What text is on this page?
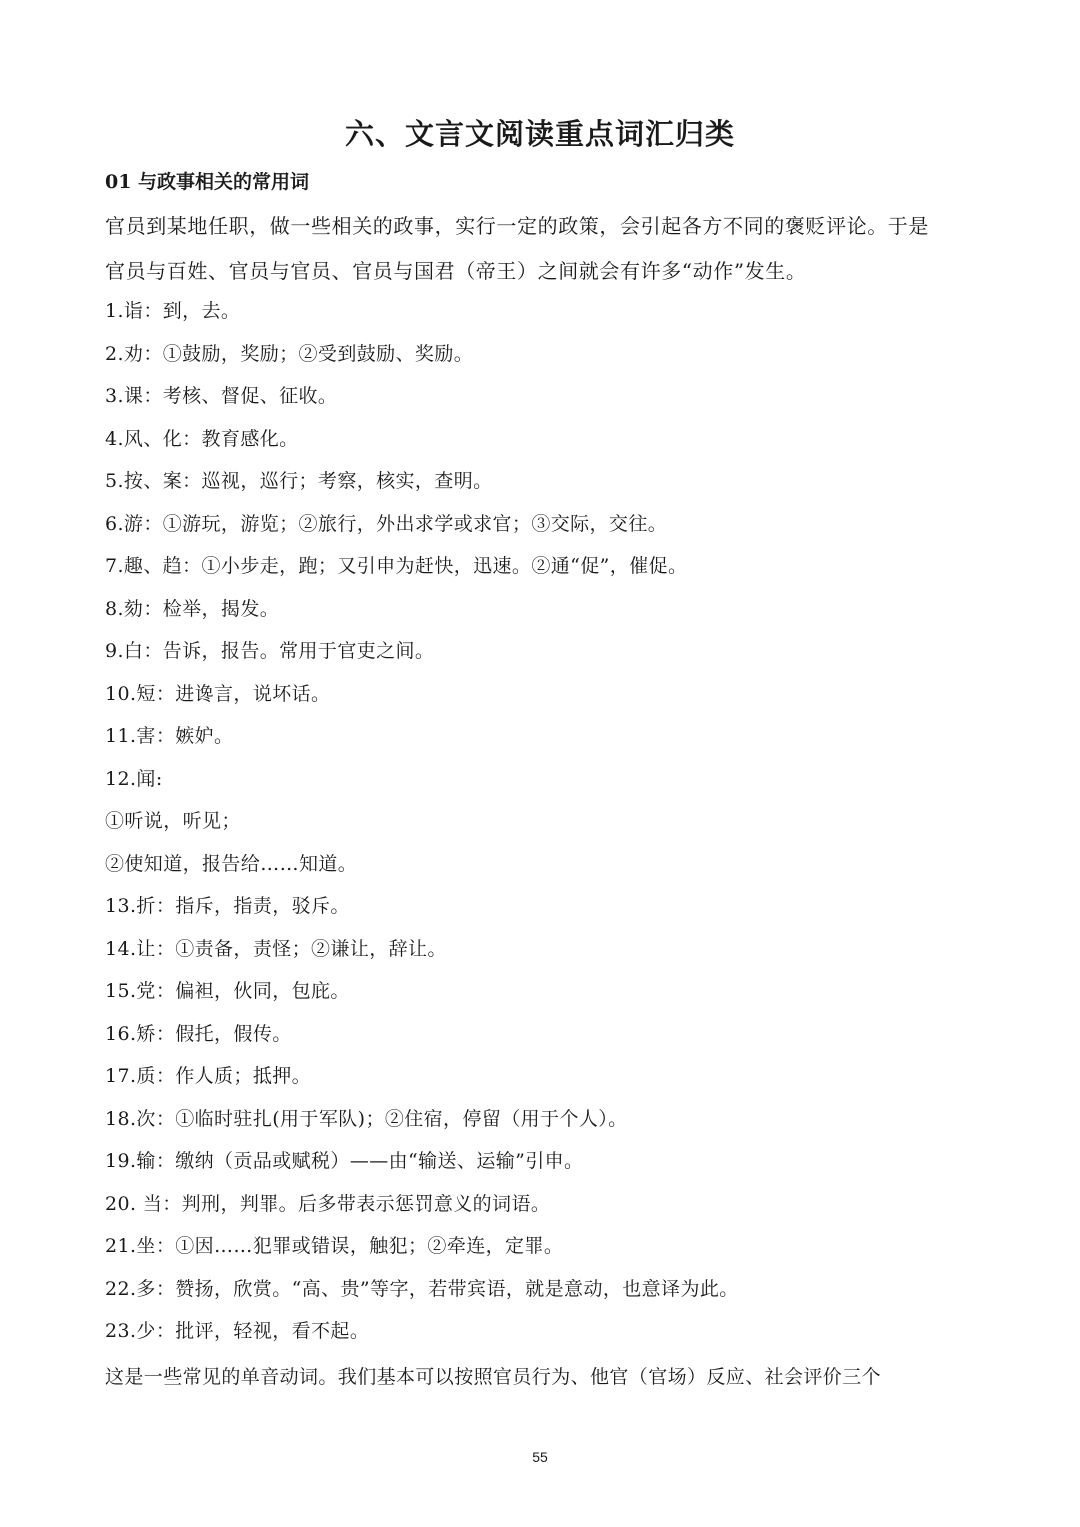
六、文言文阅读重点词汇归类
01 与政事相关的常用词

官员到某地任职，做一些相关的政事，实行一定的政策，会引起各方不同的褒贬评论。于是

官员与百姓、官员与官员、官员与国君（帝王）之间就会有许多“动作”发生。

1.诣：到，去。
2.劝：①鼓励，奖励；②受到鼓励、奖励。
3.课：考核、督促、征收。
4.风、化：教育感化。
5.按、案：巡视，巡行；考察，核实，查明。
6.游：①游玩，游览；②旅行，外出求学或求官；③交际，交往。
7.趣、趋：①小步走，跑；又引申为赶快，迅速。②通“促”，催促。
8.劾：检举，揭发。
9.白：告诉，报告。常用于官吏之间。
10.短：进谗言，说坏话。
11.害：嫉妒。
12.闻:
①听说，听见；
②使知道，报告给……知道。
13.折：指斥，指责，驳斥。
14.让：①责备，责怪；②谦让，辞让。
15.党：偏袒，伙同，包庇。
16.矫：假托，假传。
17.质：作人质；抵押。
18.次：①临时驻扎(用于军队)；②住宿，停留（用于个人）。
19.输：缴纳（贡品或赋税）——由“输送、运输”引申。
20. 当：判刑，判罪。后多带表示惩罚意义的词语。
21.坐：①因……犯罪或错误，触犯；②牵连，定罪。
22.多：赞扬，欣赏。“高、贵”等字，若带宾语，就是意动，也意译为此。
23.少：批评，轻视，看不起。
这是一些常见的单音动词。我们基本可以按照官员行为、他官（官场）反应、社会评价三个
55
